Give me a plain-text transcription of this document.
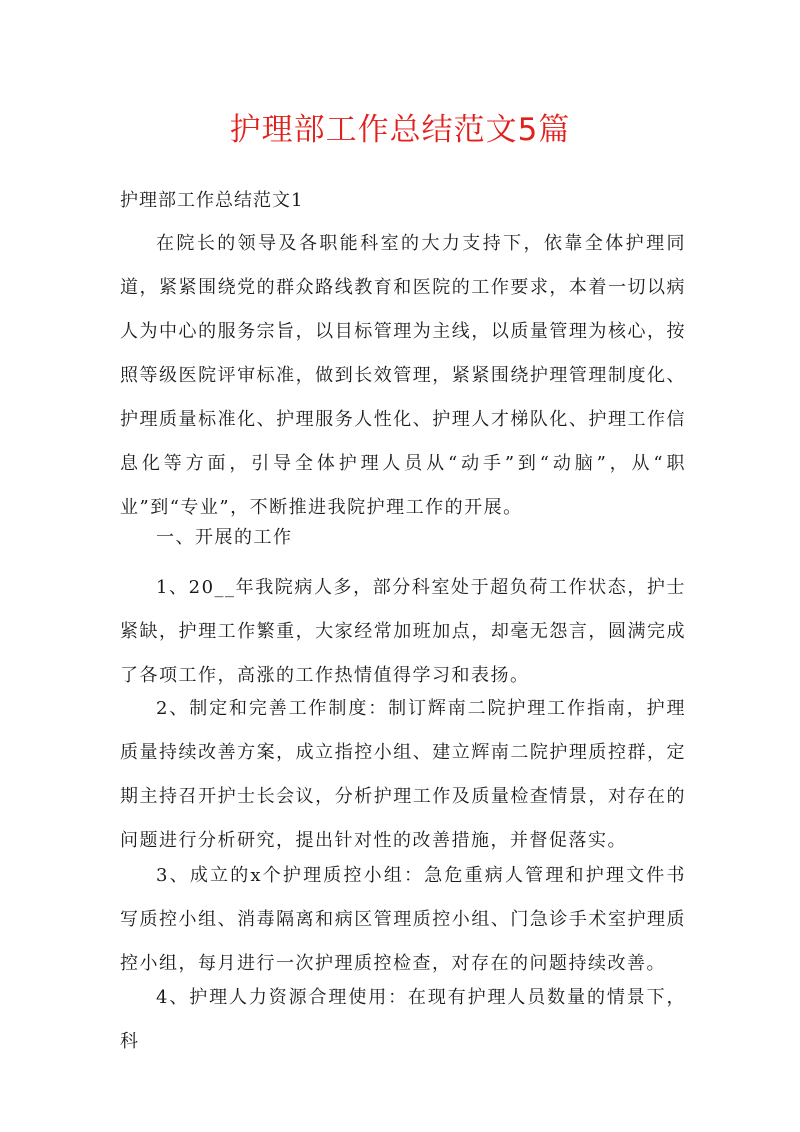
护理部工作总结范文5篇

护理部工作总结范文1

在院长的领导及各职能科室的大力支持下，依靠全体护理同道，紧紧围绕党的群众路线教育和医院的工作要求，本着一切以病人为中心的服务宗旨，以目标管理为主线，以质量管理为核心，按照等级医院评审标准，做到长效管理，紧紧围绕护理管理制度化、护理质量标准化、护理服务人性化、护理人才梯队化、护理工作信息化等方面，引导全体护理人员从“动手”到“动脑”，从“职业”到“专业”，不断推进我院护理工作的开展。

一、开展的工作

1、20__年我院病人多，部分科室处于超负荷工作状态，护士紧缺，护理工作繁重，大家经常加班加点，却毫无怨言，圆满完成了各项工作，高涨的工作热情值得学习和表扬。

2、制定和完善工作制度：制订辉南二院护理工作指南，护理质量持续改善方案，成立指控小组、建立辉南二院护理质控群，定期主持召开护士长会议，分析护理工作及质量检查情景，对存在的问题进行分析研究，提出针对性的改善措施，并督促落实。

3、成立的x个护理质控小组：急危重病人管理和护理文件书写质控小组、消毒隔离和病区管理质控小组、门急诊手术室护理质控小组，每月进行一次护理质控检查，对存在的问题持续改善。

4、护理人力资源合理使用：在现有护理人员数量的情景下，科
